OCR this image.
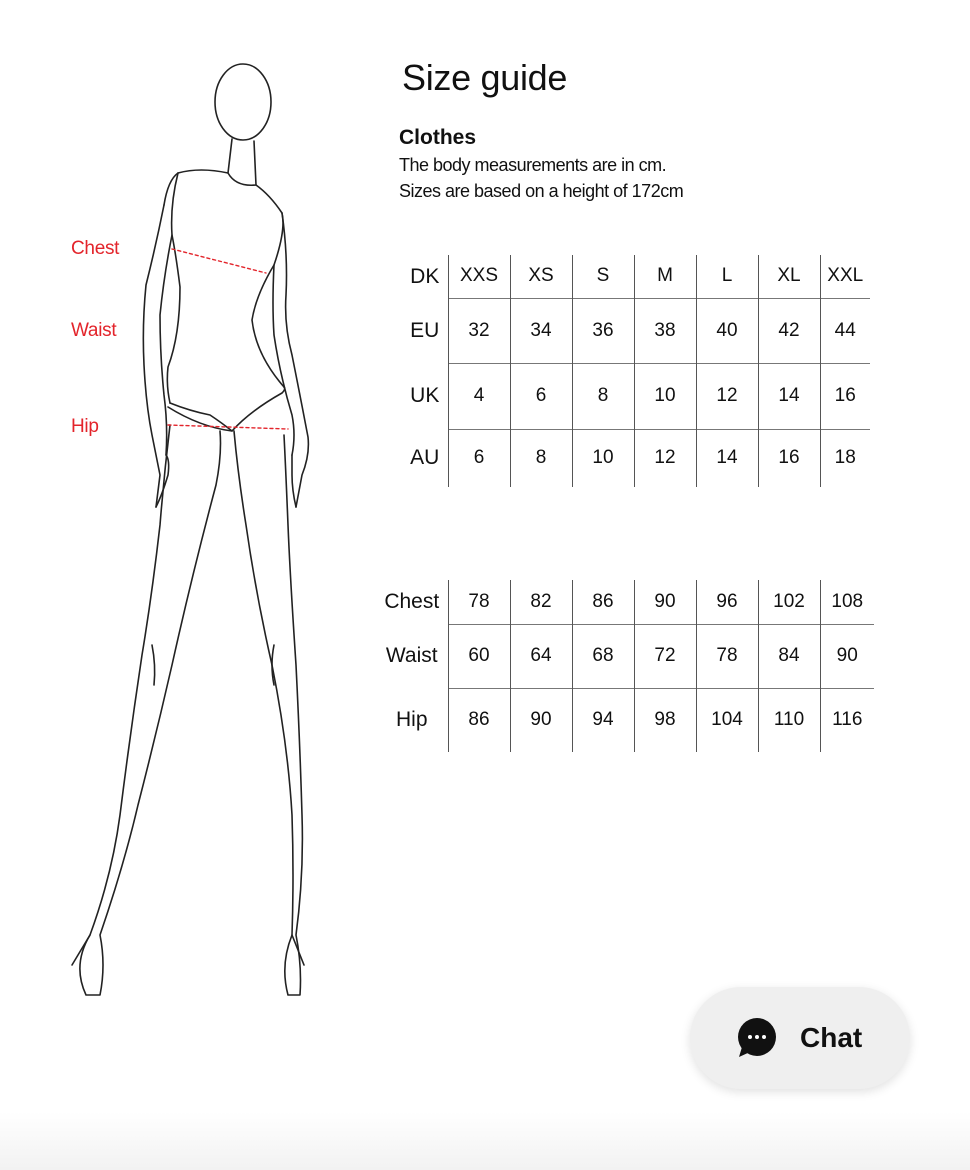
Chest
Waist
Hip
Size guide
Clothes
The body measurements are in cm.
Sizes are based on a height of 172cm
DK	XXS	XS	S	M	L	XL	XXL
EU	32	34	36	38	40	42	44
UK	4	6	8	10	12	14	16
AU	6	8	10	12	14	16	18
Chest	78	82	86	90	96	102	108
Waist	60	64	68	72	78	84	90
Hip	86	90	94	98	104	110	116
Chat
